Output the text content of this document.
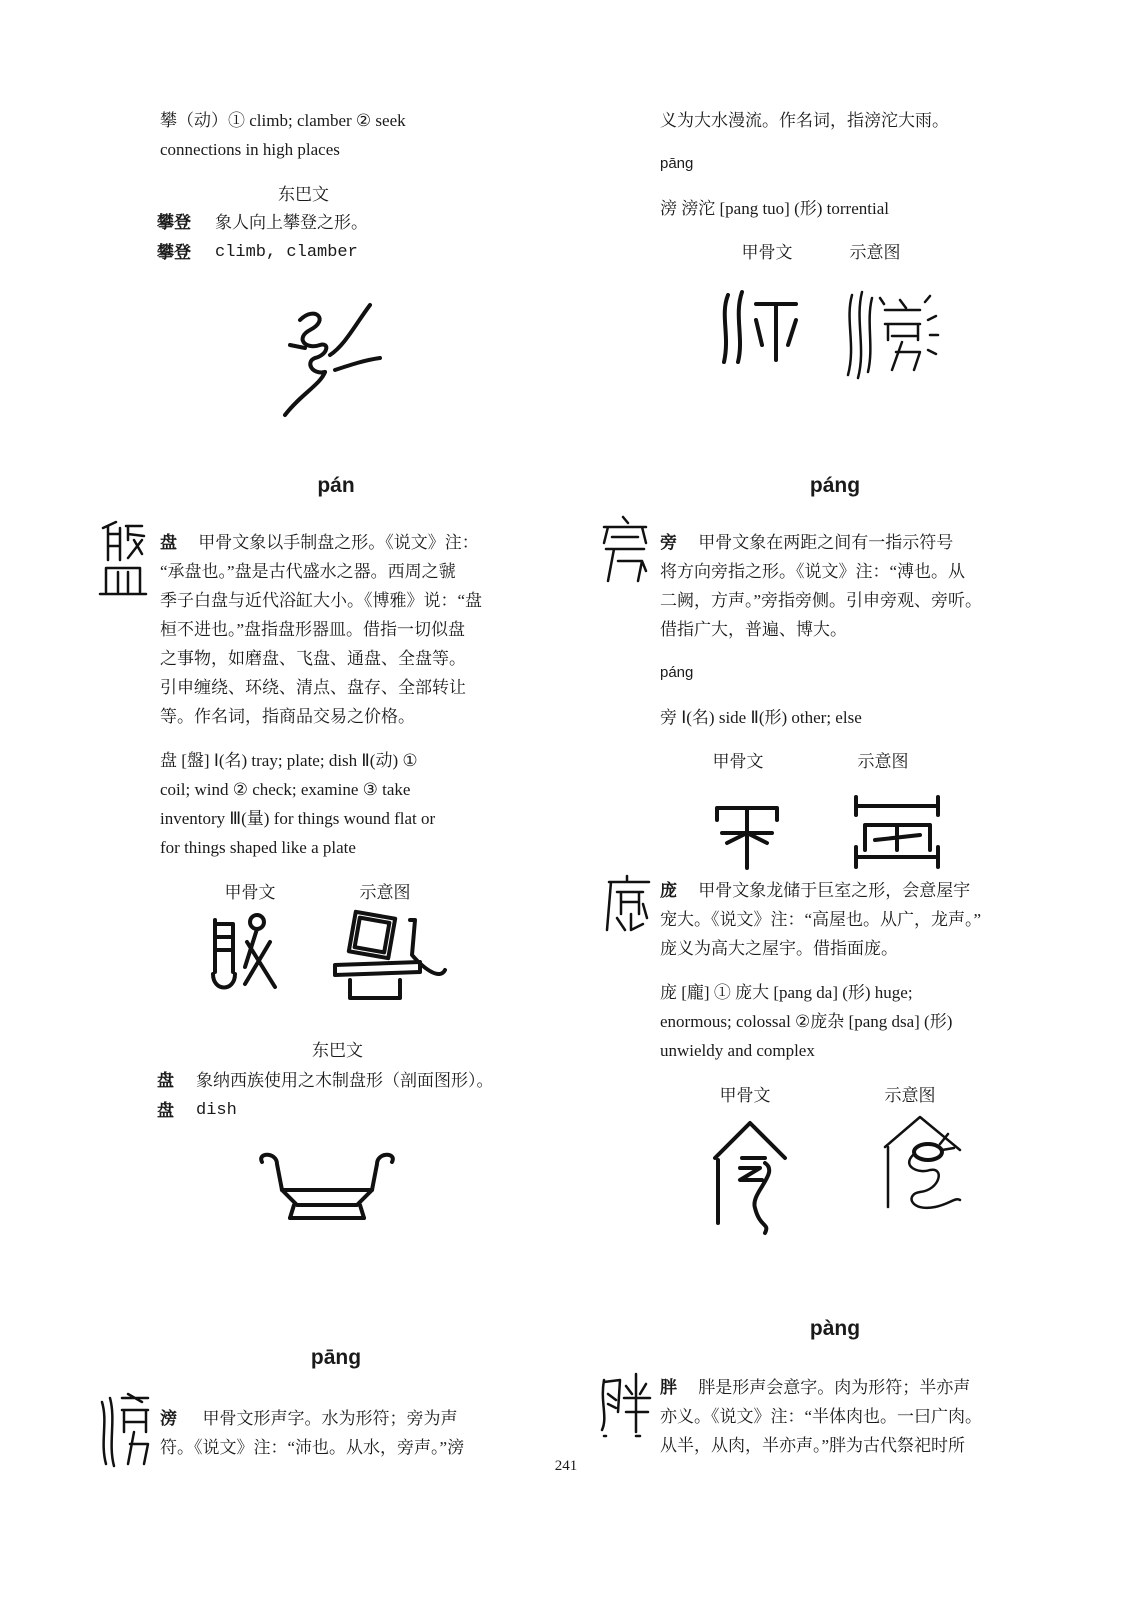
攀（动）① climb; clamber ② seek
connections in high places
东巴文
攀登 象人向上攀登之形。
攀登 climb, clamber
pán
盘 甲骨文象以手制盘之形。《说文》注：
“承盘也。”盘是古代盛水之器。西周之虢
季子白盘与近代浴缸大小。《博雅》说：“盘
桓不进也。”盘指盘形器皿。借指一切似盘
之事物，如磨盘、飞盘、通盘、全盘等。
引申缠绕、环绕、清点、盘存、全部转让
等。作名词，指商品交易之价格。
盘 [盤] Ⅰ(名) tray; plate; dish Ⅱ(动) ①
coil; wind ② check; examine ③ take
inventory Ⅲ(量) for things wound flat or
for things shaped like a plate
甲骨文	示意图
东巴文
盘 象纳西族使用之木制盘形（剖面图形）。
盘 dish
pāng
滂 甲骨文形声字。水为形符；旁为声
符。《说文》注：“沛也。从水，旁声。”滂
义为大水漫流。作名词，指滂沱大雨。
pāng
滂 滂沱 [pang tuo] (形) torrential
甲骨文	示意图
páng
旁 甲骨文象在两距之间有一指示符号
将方向旁指之形。《说文》注：“溥也。从
二阙，方声。”旁指旁侧。引申旁观、旁听。
借指广大，普遍、博大。
páng
旁 Ⅰ(名) side Ⅱ(形) other; else
甲骨文	示意图
庞 甲骨文象龙储于巨室之形，会意屋宇
宠大。《说文》注：“高屋也。从广，龙声。”
庞义为高大之屋宇。借指面庞。
庞 [龐] ① 庞大 [pang da] (形) huge;
enormous; colossal ②庞杂 [pang dsa] (形)
unwieldy and complex
甲骨文	示意图
pàng
胖 胖是形声会意字。肉为形符；半亦声
亦义。《说文》注：“半体肉也。一曰广肉。
从半，从肉，半亦声。”胖为古代祭祀时所
241
